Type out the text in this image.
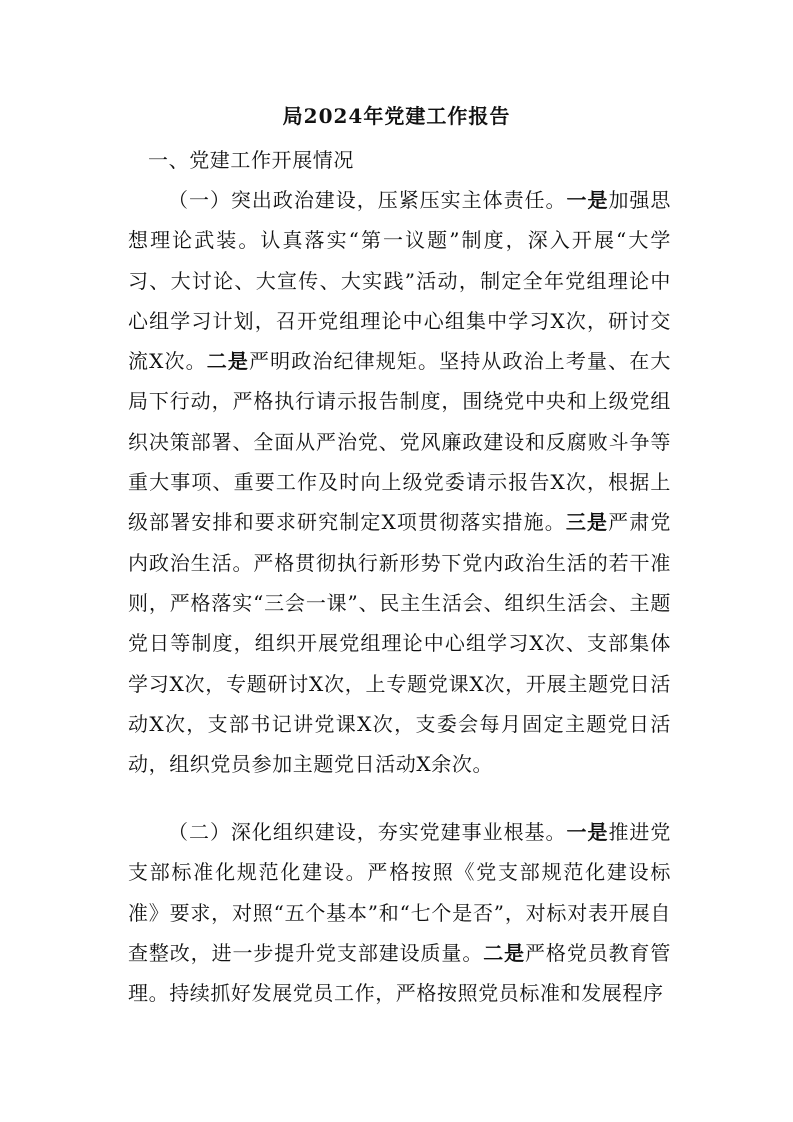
局2024年党建工作报告

一、党建工作开展情况

（一）突出政治建设，压紧压实主体责任。一是加强思想理论武装。认真落实“第一议题”制度，深入开展“大学习、大讨论、大宣传、大实践”活动，制定全年党组理论中心组学习计划，召开党组理论中心组集中学习X次，研讨交流X次。二是严明政治纪律规矩。坚持从政治上考量、在大局下行动，严格执行请示报告制度，围绕党中央和上级党组织决策部署、全面从严治党、党风廉政建设和反腐败斗争等重大事项、重要工作及时向上级党委请示报告X次，根据上级部署安排和要求研究制定X项贯彻落实措施。三是严肃党内政治生活。严格贯彻执行新形势下党内政治生活的若干准则，严格落实“三会一课”、民主生活会、组织生活会、主题党日等制度，组织开展党组理论中心组学习X次、支部集体学习X次，专题研讨X次，上专题党课X次，开展主题党日活动X次，支部书记讲党课X次，支委会每月固定主题党日活动，组织党员参加主题党日活动X余次。

（二）深化组织建设，夯实党建事业根基。一是推进党支部标准化规范化建设。严格按照《党支部规范化建设标准》要求，对照“五个基本”和“七个是否”，对标对表开展自查整改，进一步提升党支部建设质量。二是严格党员教育管理。持续抓好发展党员工作，严格按照党员标准和发展程序
